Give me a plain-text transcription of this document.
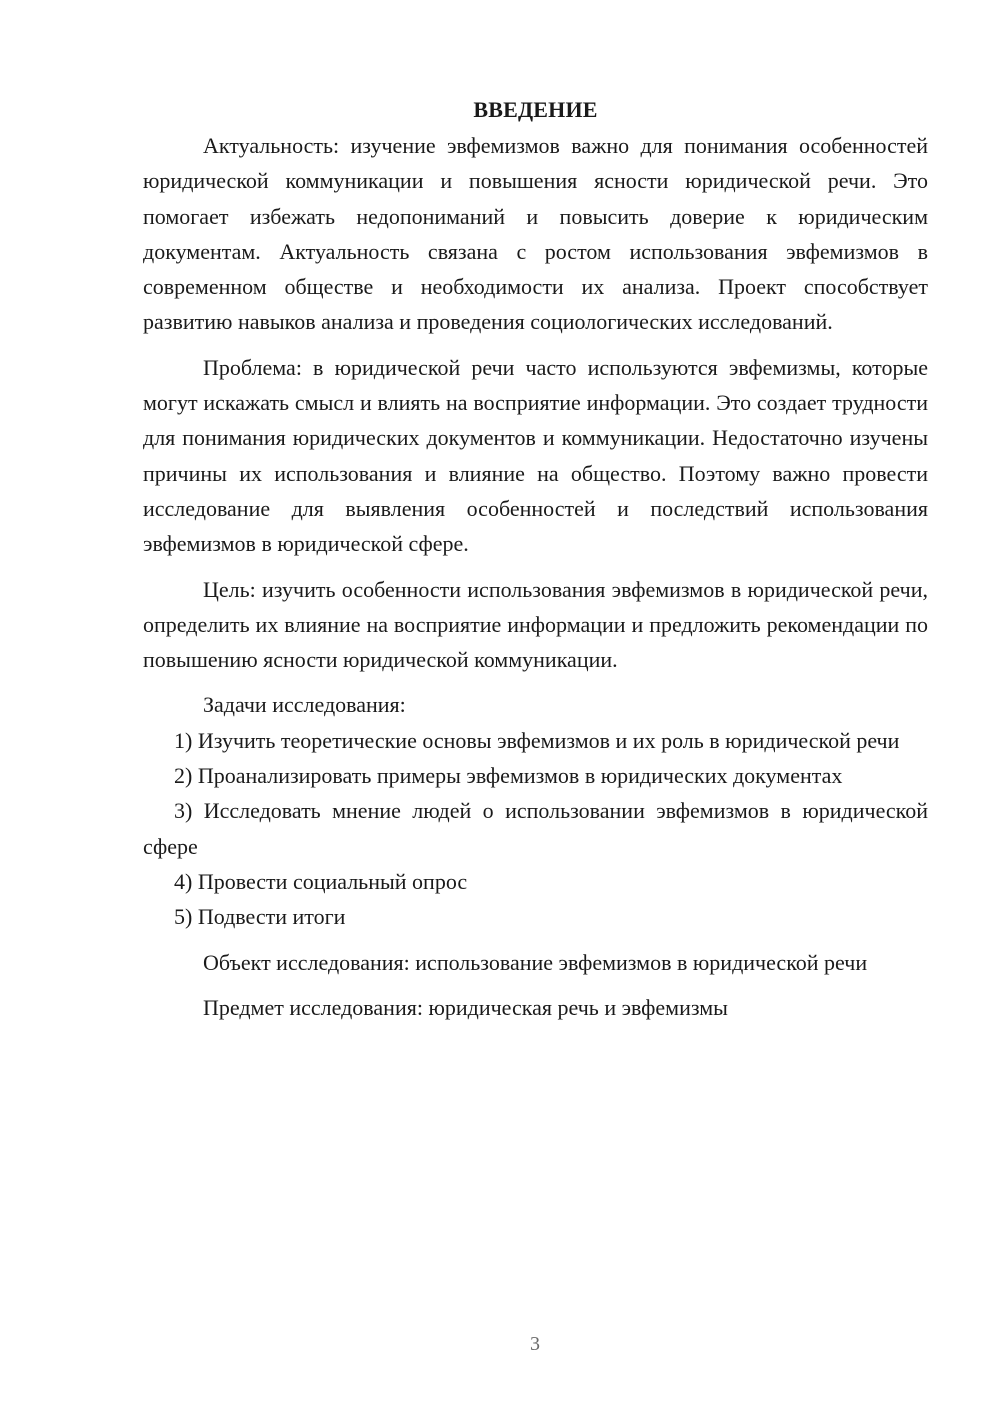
ВВЕДЕНИЕ

Актуальность: изучение эвфемизмов важно для понимания особенностей юридической коммуникации и повышения ясности юридической речи. Это помогает избежать недопониманий и повысить доверие к юридическим документам. Актуальность связана с ростом использования эвфемизмов в современном обществе и необходимости их анализа. Проект способствует развитию навыков анализа и проведения социологических исследований.

Проблема: в юридической речи часто используются эвфемизмы, которые могут искажать смысл и влиять на восприятие информации. Это создает трудности для понимания юридических документов и коммуникации. Недостаточно изучены причины их использования и влияние на общество. Поэтому важно провести исследование для выявления особенностей и последствий использования эвфемизмов в юридической сфере.

Цель: изучить особенности использования эвфемизмов в юридической речи, определить их влияние на восприятие информации и предложить рекомендации по повышению ясности юридической коммуникации.

Задачи исследования:

1) Изучить теоретические основы эвфемизмов и их роль в юридической речи

2) Проанализировать примеры эвфемизмов в юридических документах

3) Исследовать мнение людей о использовании эвфемизмов в юридической сфере

4) Провести социальный опрос

5) Подвести итоги

Объект исследования: использование эвфемизмов в юридической речи

Предмет исследования: юридическая речь и эвфемизмы

3
